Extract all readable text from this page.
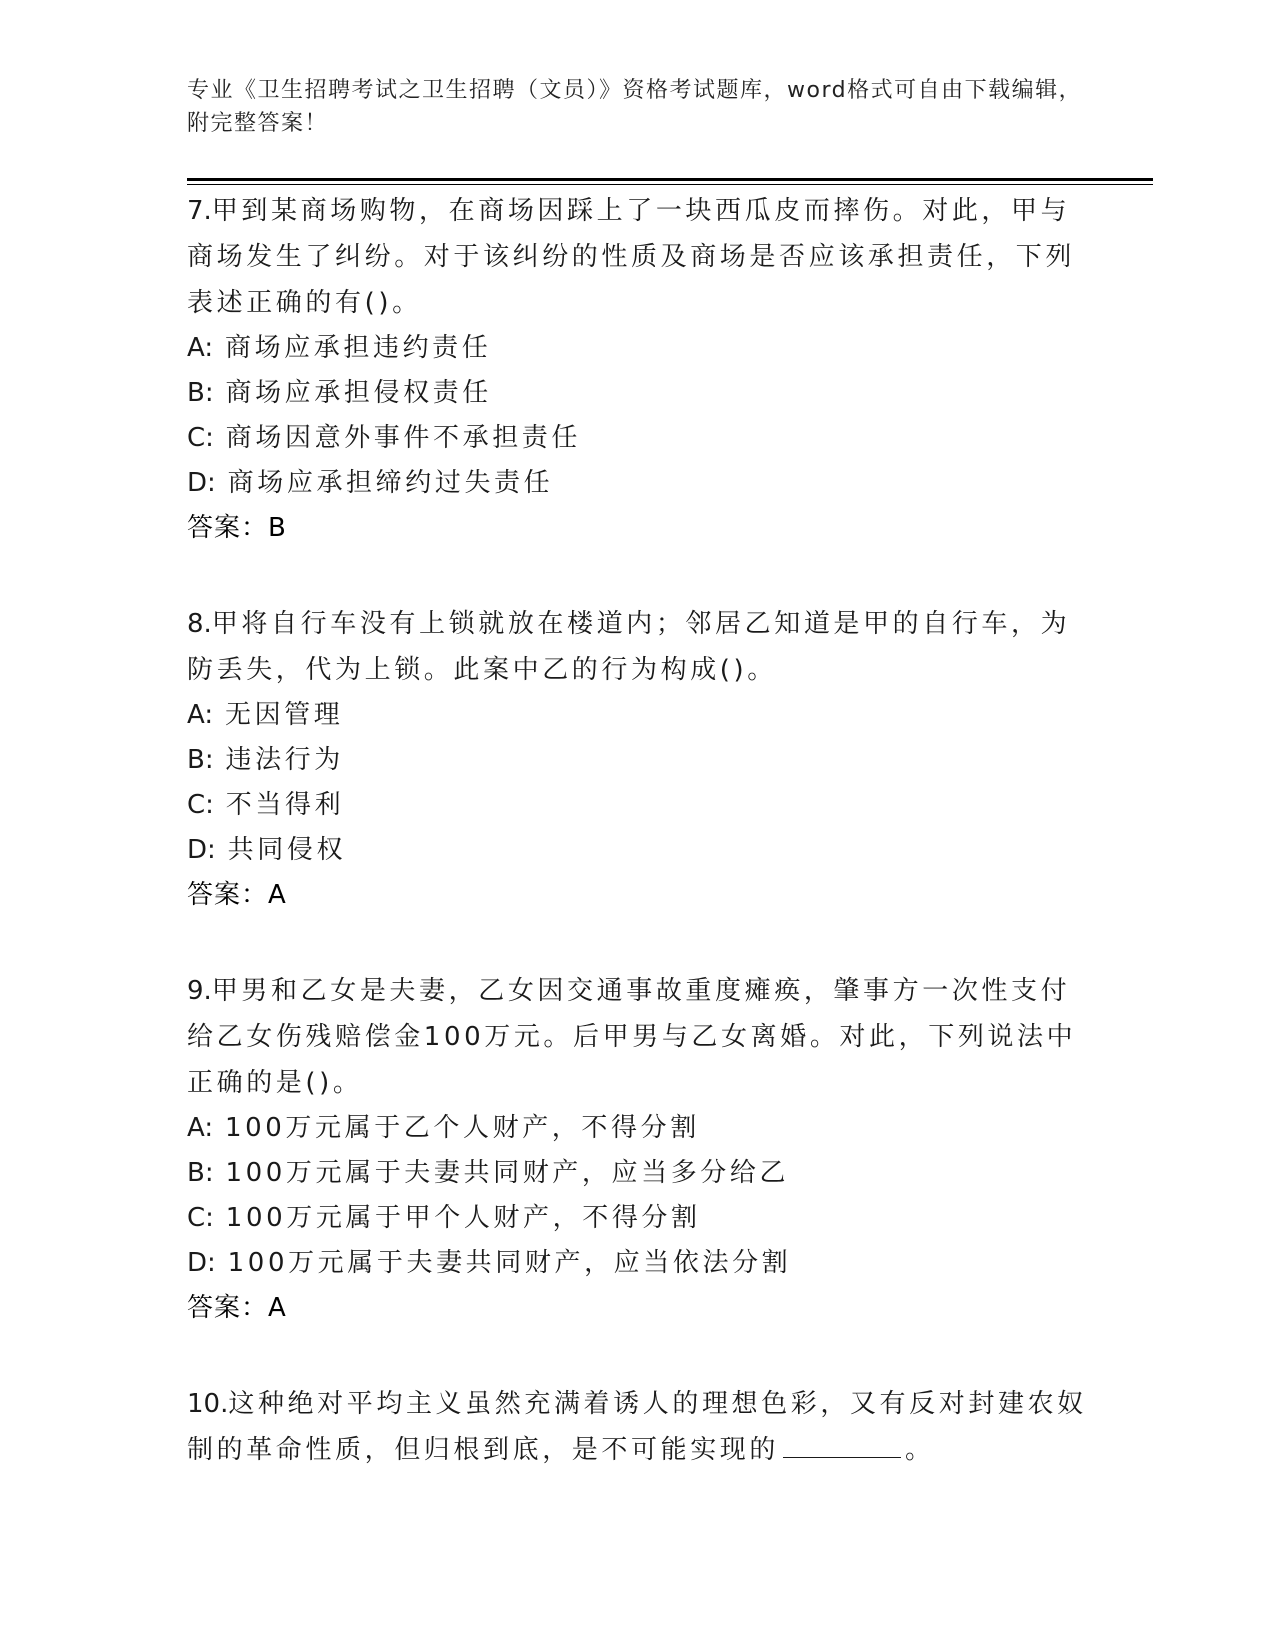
专业《卫生招聘考试之卫生招聘（文员）》资格考试题库，word格式可自由下载编辑，附完整答案！
7.甲到某商场购物，在商场因踩上了一块西瓜皮而摔伤。对此，甲与商场发生了纠纷。对于该纠纷的性质及商场是否应该承担责任，下列表述正确的有()。
A: 商场应承担违约责任
B: 商场应承担侵权责任
C: 商场因意外事件不承担责任
D: 商场应承担缔约过失责任
答案：B
8.甲将自行车没有上锁就放在楼道内；邻居乙知道是甲的自行车，为防丢失，代为上锁。此案中乙的行为构成()。
A: 无因管理
B: 违法行为
C: 不当得利
D: 共同侵权
答案：A
9.甲男和乙女是夫妻，乙女因交通事故重度瘫痪，肇事方一次性支付给乙女伤残赔偿金100万元。后甲男与乙女离婚。对此，下列说法中正确的是()。
A: 100万元属于乙个人财产，不得分割
B: 100万元属于夫妻共同财产，应当多分给乙
C: 100万元属于甲个人财产，不得分割
D: 100万元属于夫妻共同财产，应当依法分割
答案：A
10.这种绝对平均主义虽然充满着诱人的理想色彩，又有反对封建农奴制的革命性质，但归根到底，是不可能实现的	。
